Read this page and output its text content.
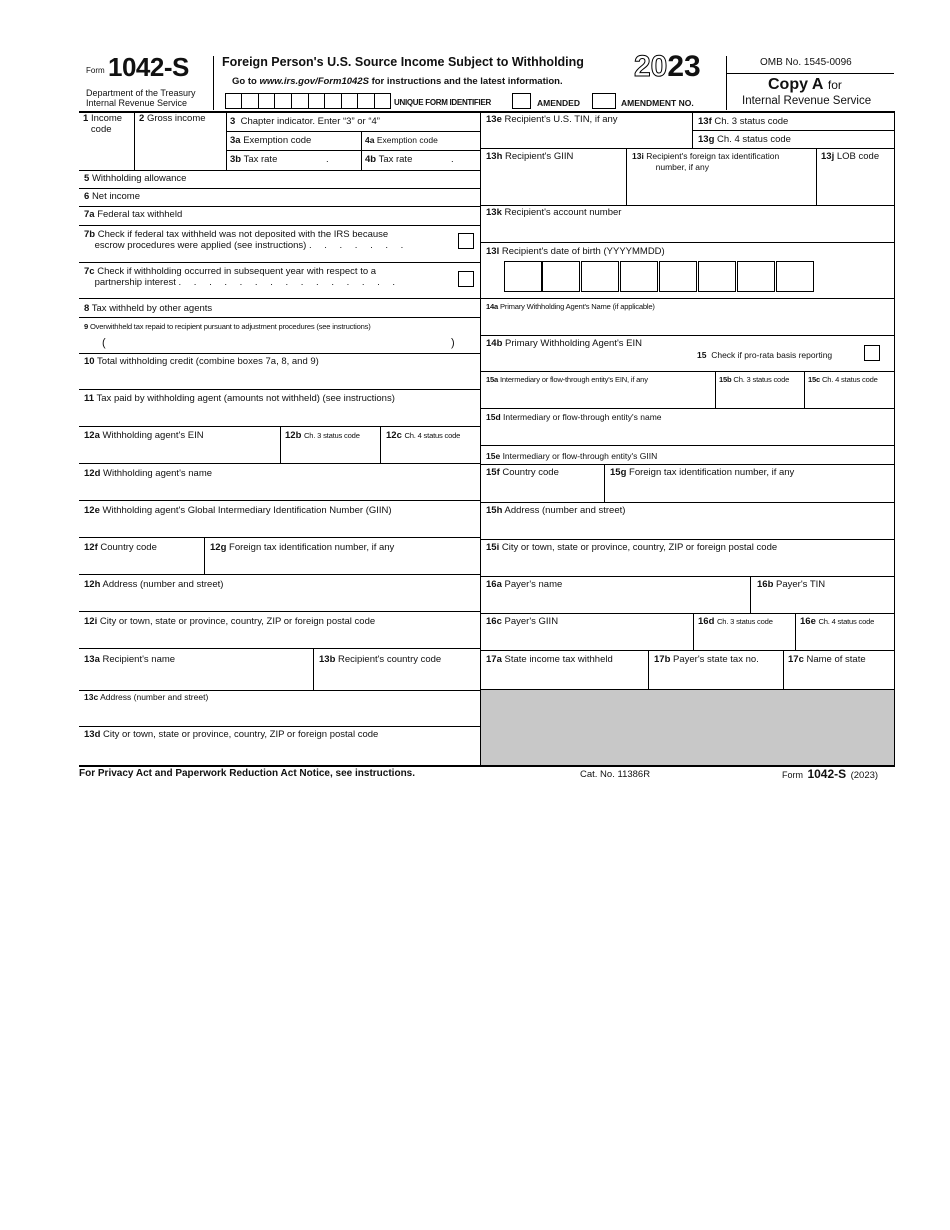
Form 1042-S
Department of the Treasury
Internal Revenue Service
Foreign Person's U.S. Source Income Subject to Withholding
Go to www.irs.gov/Form1042S for instructions and the latest information. 2023	OMB No. 1545-0096
Copy A for
Internal Revenue Service
UNIQUE FORM IDENTIFIER	AMENDED	AMENDMENT NO.
1 Income
code
2 Gross income	3 Chapter indicator. Enter “3” or “4”
3a Exemption code	4a Exemption code
3b Tax rate	.	4b Tax rate	.
5 Withholding allowance
6 Net income
7a Federal tax withheld
7b Check if federal tax withheld was not deposited with the IRS because
escrow procedures were applied (see instructions) . . . . . . .
7c Check if withholding occurred in subsequent year with respect to a
partnership interest . . . . . . . . . . . . . . .
8 Tax withheld by other agents
9 Overwithheld tax repaid to recipient pursuant to adjustment procedures (see instructions)
(	)
10 Total withholding credit (combine boxes 7a, 8, and 9)
11 Tax paid by withholding agent (amounts not withheld) (see instructions)
12a Withholding agent's EIN	12b Ch. 3 status code	12c Ch. 4 status code
12d Withholding agent's name
12e Withholding agent's Global Intermediary Identification Number (GIIN)
12f Country code	12g Foreign tax identification number, if any
12h Address (number and street)
12i City or town, state or province, country, ZIP or foreign postal code
13a Recipient's name	13b Recipient's country code
13c Address (number and street)
13d City or town, state or province, country, ZIP or foreign postal code
13e Recipient's U.S. TIN, if any	13f Ch. 3 status code
13g Ch. 4 status code
13h Recipient's GIIN	13i Recipient's foreign tax identification
number, if any
13j LOB code
13k Recipient's account number
13l Recipient's date of birth (YYYYMMDD)
14a Primary Withholding Agent's Name (if applicable)
14b Primary Withholding Agent's EIN
15 Check if pro-rata basis reporting
15a Intermediary or flow-through entity's EIN, if any	15b Ch. 3 status code	15c Ch. 4 status code
15d Intermediary or flow-through entity's name
15e Intermediary or flow-through entity's GIIN
15f Country code	15g Foreign tax identification number, if any
15h Address (number and street)
15i City or town, state or province, country, ZIP or foreign postal code
16a Payer's name	16b Payer's TIN
16c Payer's GIIN	16d Ch. 3 status code	16e Ch. 4 status code
17a State income tax withheld	17b Payer's state tax no.	17c Name of state
For Privacy Act and Paperwork Reduction Act Notice, see instructions.	Cat. No. 11386R	Form 1042-S (2023)
